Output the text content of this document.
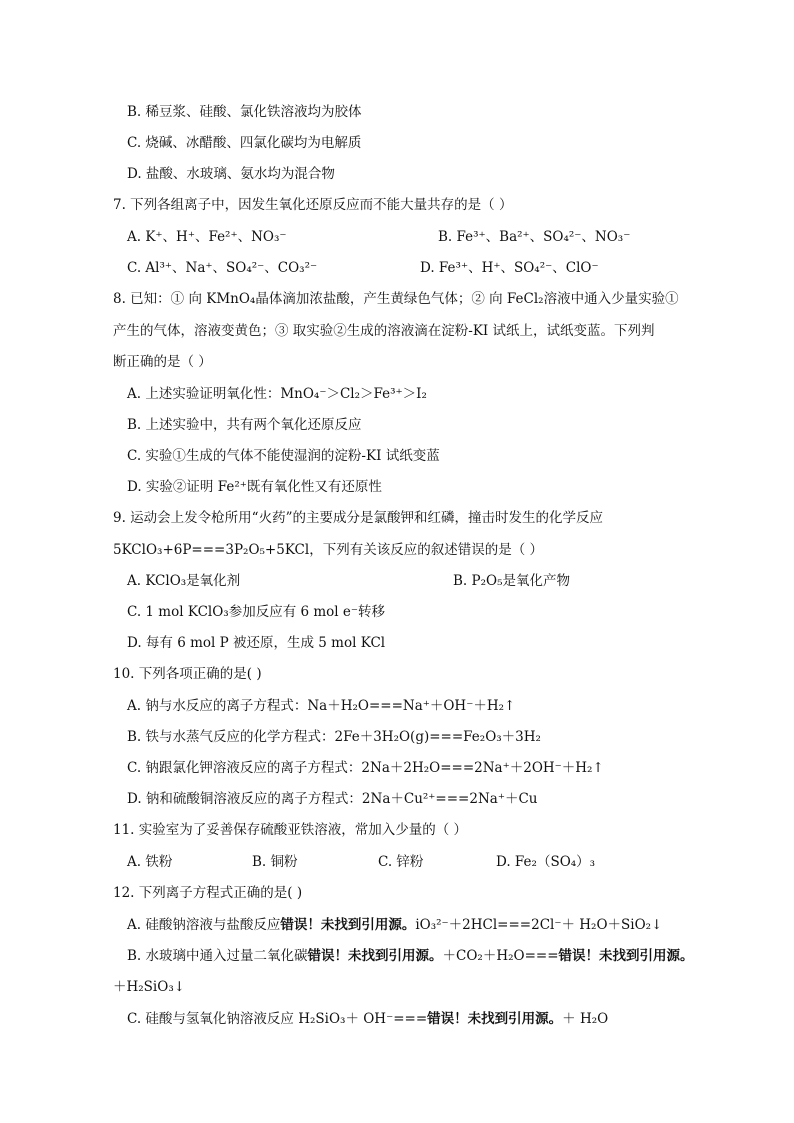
B. 稀豆浆、硅酸、氯化铁溶液均为胶体
C. 烧碱、冰醋酸、四氯化碳均为电解质
D. 盐酸、水玻璃、氨水均为混合物
7. 下列各组离子中，因发生氧化还原反应而不能大量共存的是（ ）
A. K⁺、H⁺、Fe²⁺、NO₃⁻	B. Fe³⁺、Ba²⁺、SO₄²⁻、NO₃⁻
C. Al³⁺、Na⁺、SO₄²⁻、CO₃²⁻	D. Fe³⁺、H⁺、SO₄²⁻、ClO⁻
8. 已知：① 向 KMnO₄晶体滴加浓盐酸，产生黄绿色气体；② 向 FeCl₂溶液中通入少量实验①
产生的气体，溶液变黄色；③ 取实验②生成的溶液滴在淀粉-KI 试纸上，试纸变蓝。下列判
断正确的是（ ）
A. 上述实验证明氧化性：MnO₄⁻＞Cl₂＞Fe³⁺＞I₂
B. 上述实验中，共有两个氧化还原反应
C. 实验①生成的气体不能使湿润的淀粉-KI 试纸变蓝
D. 实验②证明 Fe²⁺既有氧化性又有还原性
9. 运动会上发令枪所用“火药”的主要成分是氯酸钾和红磷，撞击时发生的化学反应
5KClO₃+6P===3P₂O₅+5KCl，下列有关该反应的叙述错误的是（ ）
A. KClO₃是氧化剂	B. P₂O₅是氧化产物
C. 1 mol KClO₃参加反应有 6 mol e⁻转移
D. 每有 6 mol P 被还原，生成 5 mol KCl
10. 下列各项正确的是( )
A. 钠与水反应的离子方程式：Na＋H₂O===Na⁺＋OH⁻＋H₂↑
B. 铁与水蒸气反应的化学方程式：2Fe＋3H₂O(g)===Fe₂O₃＋3H₂
C. 钠跟氯化钾溶液反应的离子方程式：2Na＋2H₂O===2Na⁺＋2OH⁻＋H₂↑
D. 钠和硫酸铜溶液反应的离子方程式：2Na＋Cu²⁺===2Na⁺＋Cu
11. 实验室为了妥善保存硫酸亚铁溶液，常加入少量的（ ）
A. 铁粉	B. 铜粉	C. 锌粉	D. Fe₂（SO₄）₃
12. 下列离子方程式正确的是( )
A. 硅酸钠溶液与盐酸反应错误！未找到引用源。iO₃²⁻＋2HCl===2Cl⁻＋ H₂O＋SiO₂↓
B. 水玻璃中通入过量二氧化碳错误！未找到引用源。＋CO₂＋H₂O===错误！未找到引用源。
＋H₂SiO₃↓
C. 硅酸与氢氧化钠溶液反应 H₂SiO₃＋ OH⁻===错误！未找到引用源。＋ H₂O
